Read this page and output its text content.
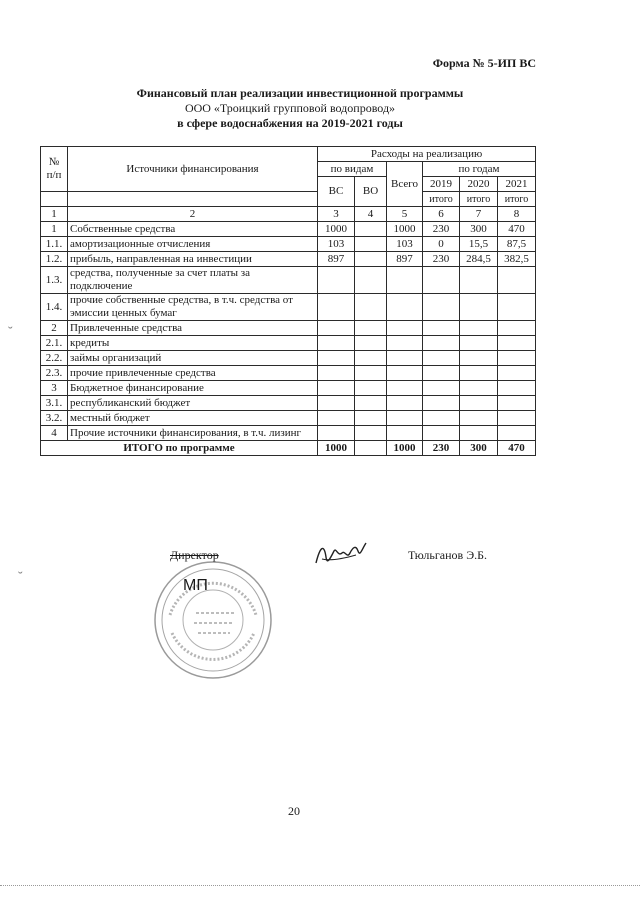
Форма № 5-ИП ВС
Финансовый план реализации инвестиционной программы
ООО «Троицкий групповой водопровод»
в сфере водоснабжения на 2019-2021 годы
№ п/п	Источники финансирования	Расходы на реализацию					
		по видам		Всего	по годам		
		ВС	ВО		2019	2020	2021
					итого	итого	итого
1	2	3	4	5	6	7	8
1	Собственные средства	1000		1000	230	300	470
1.1.	амортизационные отчисления	103		103	0	15,5	87,5
1.2.	прибыль, направленная на инвестиции	897		897	230	284,5	382,5
1.3.	средства, полученные за счет платы за подключение						
1.4.	прочие собственные средства, в т.ч. средства от эмиссии ценных бумаг						
2	Привлеченные средства						
2.1.	кредиты						
2.2.	займы организаций						
2.3.	прочие привлеченные средства						
3	Бюджетное финансирование						
3.1.	республиканский бюджет						
3.2.	местный бюджет						
4	Прочие источники финансирования, в т.ч. лизинг						
ИТОГО по программе		1000		1000	230	300	470
Директор	Тюльганов Э.Б.
МП
˘
˘
20
